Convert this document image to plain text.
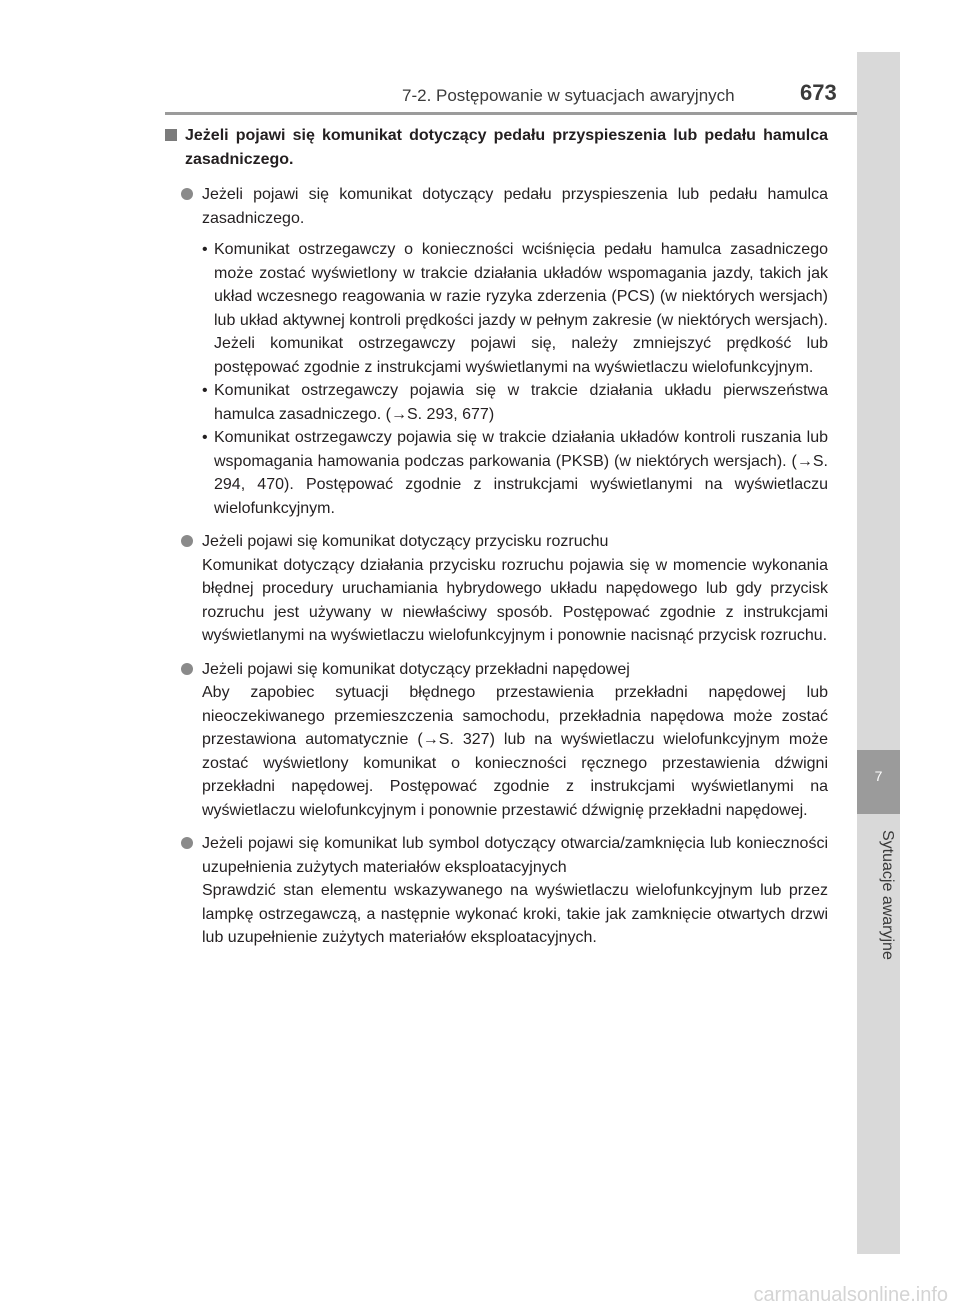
7
Sytuacje awaryjne
7-2. Postępowanie w sytuacjach awaryjnych	673
Jeżeli pojawi się komunikat dotyczący pedału przyspieszenia lub pedału hamulca zasadniczego.
Jeżeli pojawi się komunikat dotyczący pedału przyspieszenia lub pedału hamulca zasadniczego.
• Komunikat ostrzegawczy o konieczności wciśnięcia pedału hamulca zasadniczego może zostać wyświetlony w trakcie działania układów wspomagania jazdy, takich jak układ wczesnego reagowania w razie ryzyka zderzenia (PCS) (w niektórych wersjach) lub układ aktywnej kontroli prędkości jazdy w pełnym zakresie (w niektórych wersjach). Jeżeli komunikat ostrzegawczy pojawi się, należy zmniejszyć prędkość lub postępować zgodnie z instrukcjami wyświetlanymi na wyświetlaczu wielofunkcyjnym.
• Komunikat ostrzegawczy pojawia się w trakcie działania układu pierwszeństwa hamulca zasadniczego. (→S. 293, 677)
• Komunikat ostrzegawczy pojawia się w trakcie działania układów kontroli ruszania lub wspomagania hamowania podczas parkowania (PKSB) (w niektórych wersjach). (→S. 294, 470). Postępować zgodnie z instrukcjami wyświetlanymi na wyświetlaczu wielofunkcyjnym.
Jeżeli pojawi się komunikat dotyczący przycisku rozruchu
Komunikat dotyczący działania przycisku rozruchu pojawia się w momencie wykonania błędnej procedury uruchamiania hybrydowego układu napędowego lub gdy przycisk rozruchu jest używany w niewłaściwy sposób. Postępować zgodnie z instrukcjami wyświetlanymi na wyświetlaczu wielofunkcyjnym i ponownie nacisnąć przycisk rozruchu.
Jeżeli pojawi się komunikat dotyczący przekładni napędowej
Aby zapobiec sytuacji błędnego przestawienia przekładni napędowej lub nieoczekiwanego przemieszczenia samochodu, przekładnia napędowa może zostać przestawiona automatycznie (→S. 327) lub na wyświetlaczu wielofunkcyjnym może zostać wyświetlony komunikat o konieczności ręcznego przestawienia dźwigni przekładni napędowej. Postępować zgodnie z instrukcjami wyświetlanymi na wyświetlaczu wielofunkcyjnym i ponownie przestawić dźwignię przekładni napędowej.
Jeżeli pojawi się komunikat lub symbol dotyczący otwarcia/zamknięcia lub konieczności uzupełnienia zużytych materiałów eksploatacyjnych
Sprawdzić stan elementu wskazywanego na wyświetlaczu wielofunkcyjnym lub przez lampkę ostrzegawczą, a następnie wykonać kroki, takie jak zamknięcie otwartych drzwi lub uzupełnienie zużytych materiałów eksploatacyjnych.
carmanualsonline.info
